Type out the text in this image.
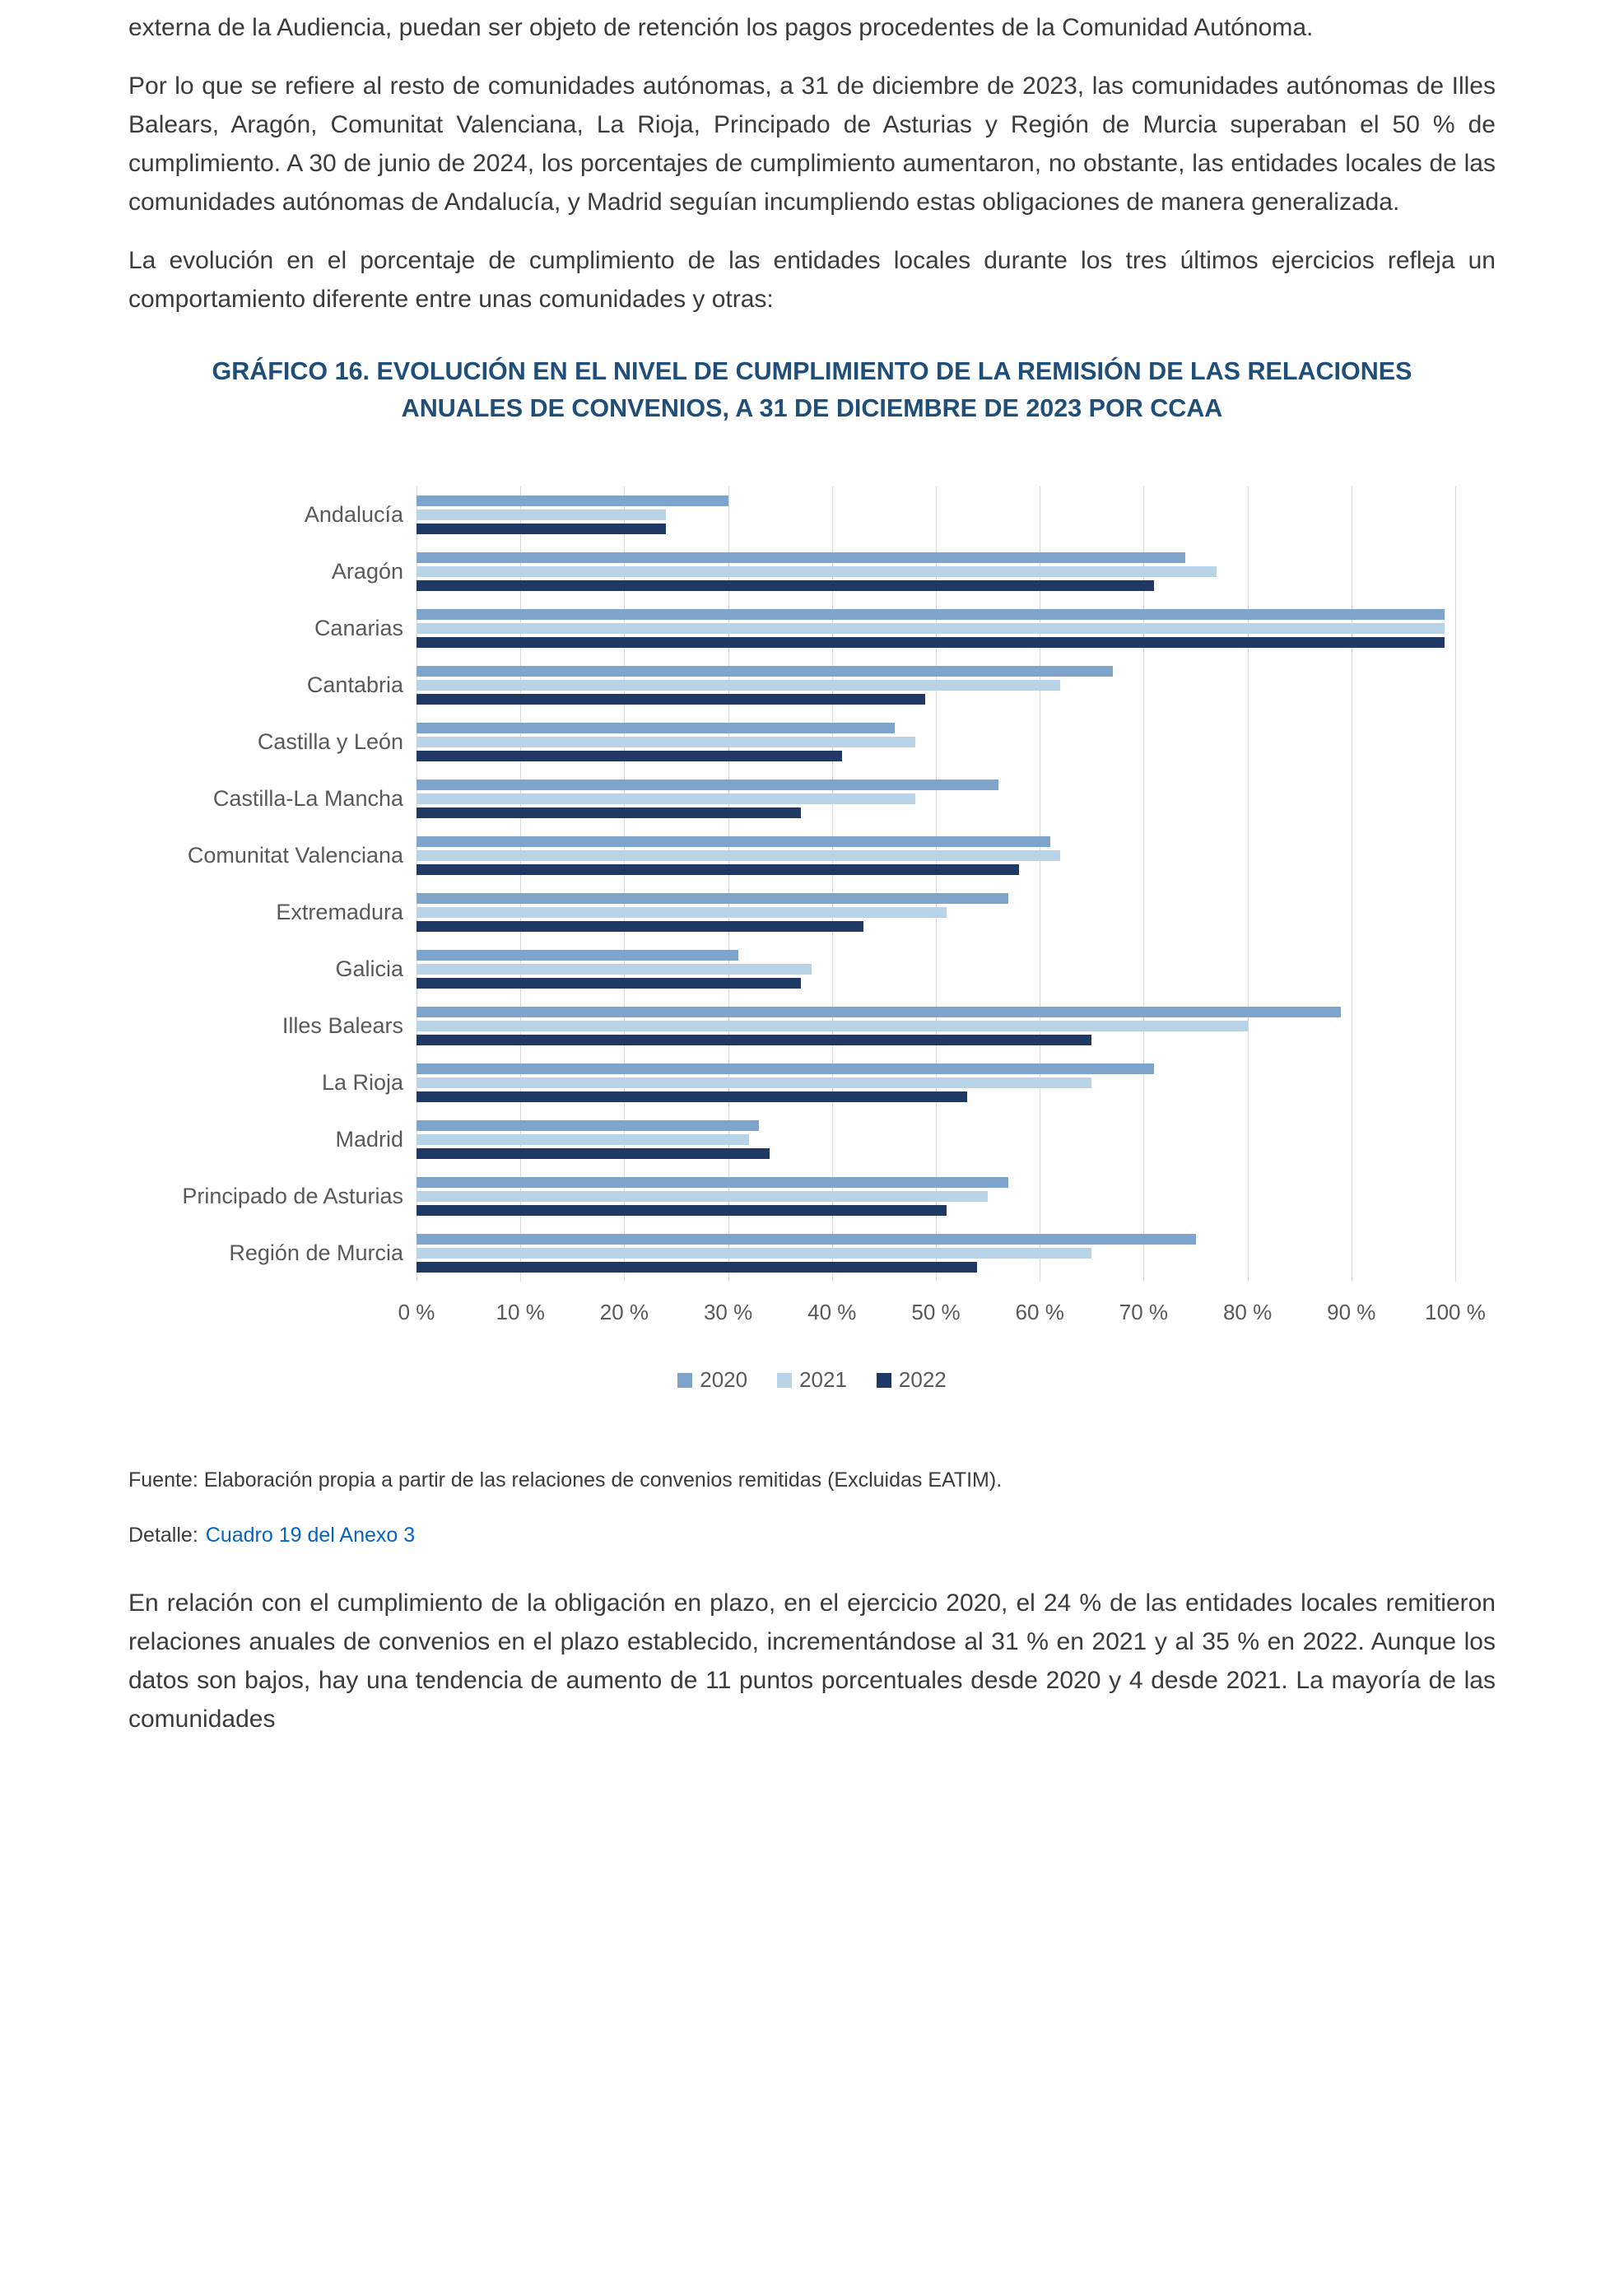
externa de la Audiencia, puedan ser objeto de retención los pagos procedentes de la Comunidad Autónoma.

Por lo que se refiere al resto de comunidades autónomas, a 31 de diciembre de 2023, las comunidades autónomas de Illes Balears, Aragón, Comunitat Valenciana, La Rioja, Principado de Asturias y Región de Murcia superaban el 50 % de cumplimiento. A 30 de junio de 2024, los porcentajes de cumplimiento aumentaron, no obstante, las entidades locales de las comunidades autónomas de Andalucía, y Madrid seguían incumpliendo estas obligaciones de manera generalizada.

La evolución en el porcentaje de cumplimiento de las entidades locales durante los tres últimos ejercicios refleja un comportamiento diferente entre unas comunidades y otras:

GRÁFICO 16. EVOLUCIÓN EN EL NIVEL DE CUMPLIMIENTO DE LA REMISIÓN DE LAS RELACIONES ANUALES DE CONVENIOS, A 31 DE DICIEMBRE DE 2023 POR CCAA
Andalucía
Aragón
Canarias
Cantabria
Castilla y León
Castilla-La Mancha
Comunitat Valenciana
Extremadura
Galicia
Illes Balears
La Rioja
Madrid
Principado de Asturias
Región de Murcia
0 %	10 %	20 %	30 %	40 %	50 %	60 %	70 %	80 %	90 % 100 %
2020 2021 2022

Fuente: Elaboración propia a partir de las relaciones de convenios remitidas (Excluidas EATIM).

Detalle: Cuadro 19 del Anexo 3

En relación con el cumplimiento de la obligación en plazo, en el ejercicio 2020, el 24 % de las entidades locales remitieron relaciones anuales de convenios en el plazo establecido, incrementándose al 31 % en 2021 y al 35 % en 2022. Aunque los datos son bajos, hay una tendencia de aumento de 11 puntos porcentuales desde 2020 y 4 desde 2021. La mayoría de las comunidades
